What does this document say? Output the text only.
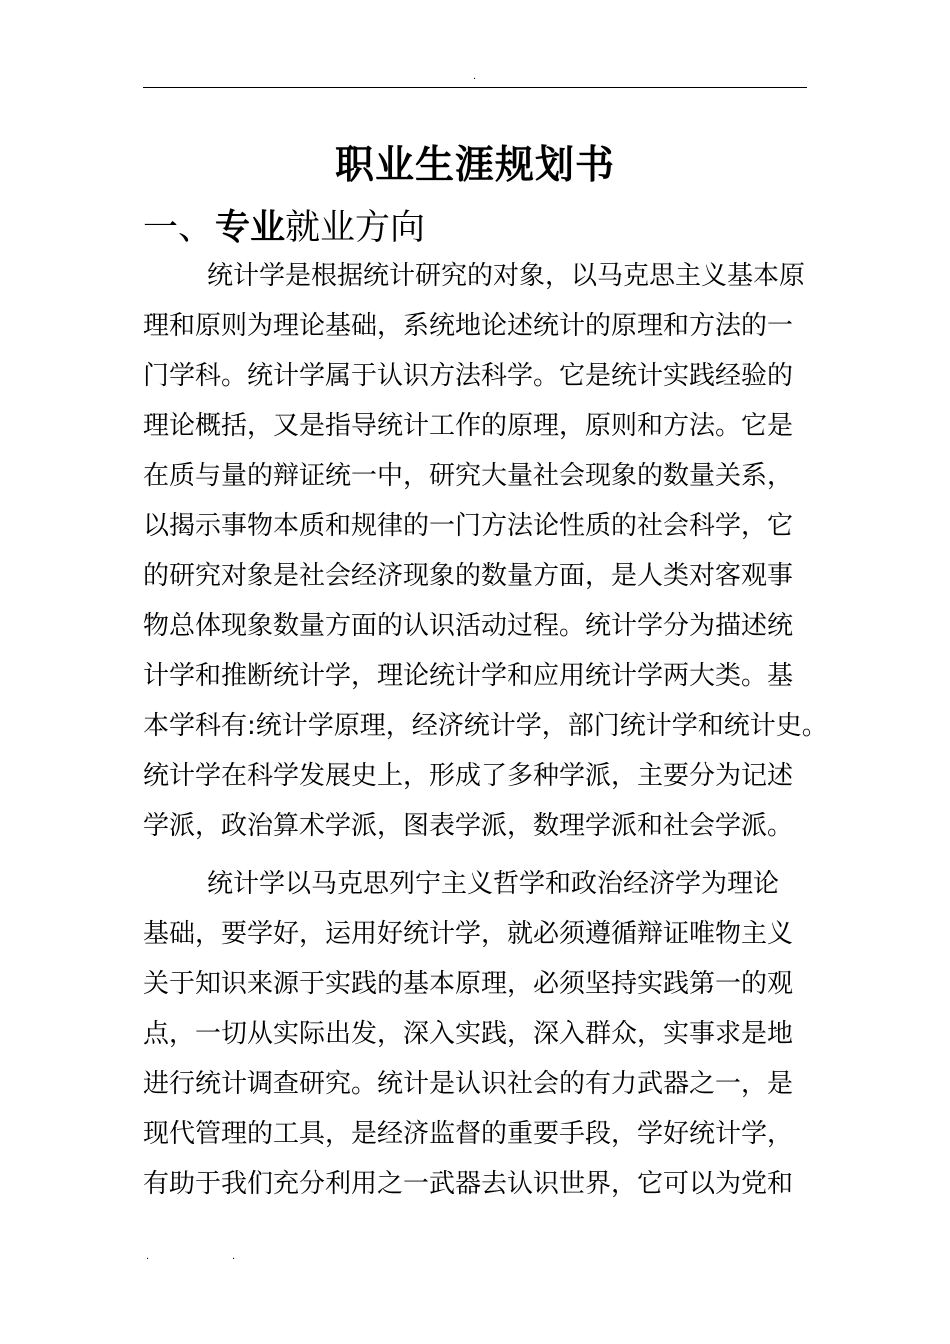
.
职业生涯规划书
一、专业就业方向
统计学是根据统计研究的对象，以马克思主义基本原
理和原则为理论基础，系统地论述统计的原理和方法的一
门学科。统计学属于认识方法科学。它是统计实践经验的
理论概括，又是指导统计工作的原理，原则和方法。它是
在质与量的辩证统一中，研究大量社会现象的数量关系，
以揭示事物本质和规律的一门方法论性质的社会科学，它
的研究对象是社会经济现象的数量方面，是人类对客观事
物总体现象数量方面的认识活动过程。统计学分为描述统
计学和推断统计学，理论统计学和应用统计学两大类。基
本学科有:统计学原理，经济统计学，部门统计学和统计史。
统计学在科学发展史上，形成了多种学派，主要分为记述
学派，政治算术学派，图表学派，数理学派和社会学派。
统计学以马克思列宁主义哲学和政治经济学为理论
基础，要学好，运用好统计学，就必须遵循辩证唯物主义
关于知识来源于实践的基本原理，必须坚持实践第一的观
点，一切从实际出发，深入实践，深入群众，实事求是地
进行统计调查研究。统计是认识社会的有力武器之一，是
现代管理的工具，是经济监督的重要手段，学好统计学，
有助于我们充分利用之一武器去认识世界，它可以为党和
.	.
